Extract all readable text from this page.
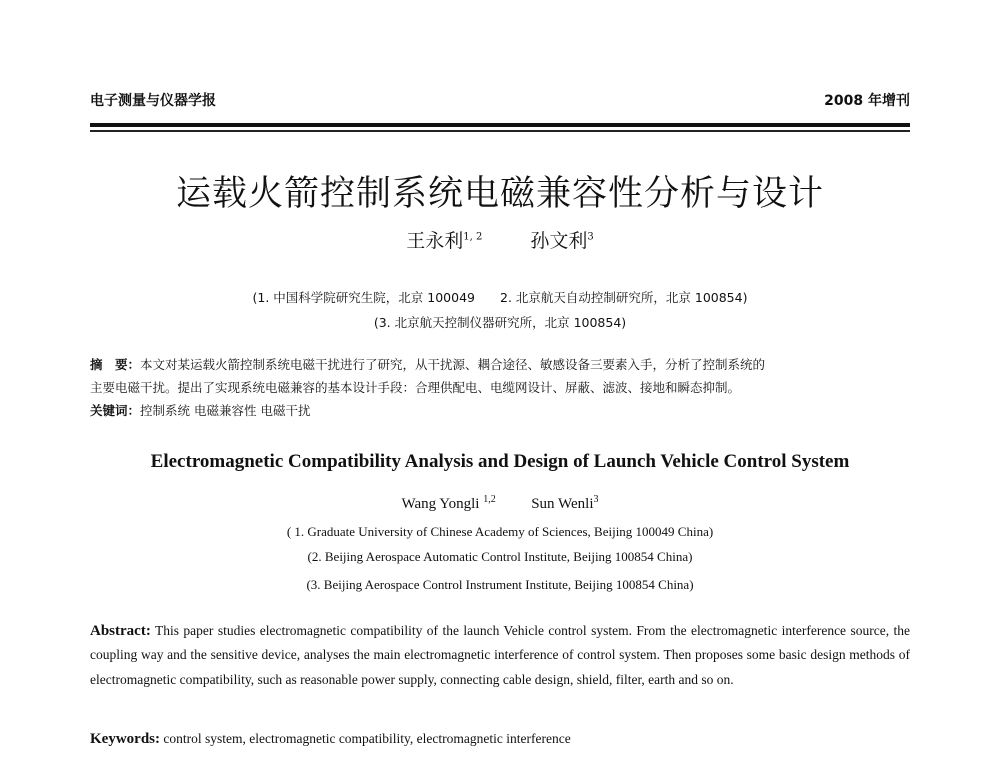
电子测量与仪器学报	2008 年增刊
运载火箭控制系统电磁兼容性分析与设计
王永利$^{1, 2}$	孙文利$^3$
(1. 中国科学院研究生院，北京 100049　　2. 北京航天自动控制研究所，北京 100854)
(3. 北京航天控制仪器研究所，北京 100854)
摘　要：本文对某运载火箭控制系统电磁干扰进行了研究，从干扰源、耦合途径、敏感设备三要素入手，分析了控制系统的
主要电磁干扰。提出了实现系统电磁兼容的基本设计手段：合理供配电、电缆网设计、屏蔽、滤波、接地和瞬态抑制。
关键词：控制系统 电磁兼容性 电磁干扰
Electromagnetic Compatibility Analysis and Design of Launch Vehicle Control System
Wang Yongli $^{1,2}$ Sun Wenli$^3$
( 1. Graduate University of Chinese Academy of Sciences, Beijing 100049 China)
(2. Beijing Aerospace Automatic Control Institute, Beijing 100854 China)
(3. Beijing Aerospace Control Instrument Institute, Beijing 100854 China)
Abstract: This paper studies electromagnetic compatibility of the launch Vehicle control system. From the electromagnetic interference source, the coupling way and the sensitive device, analyses the main electromagnetic interference of control system. Then proposes some basic design methods of electromagnetic compatibility, such as reasonable power supply, connecting cable design, shield, filter, earth and so on.
Keywords: control system, electromagnetic compatibility, electromagnetic interference
